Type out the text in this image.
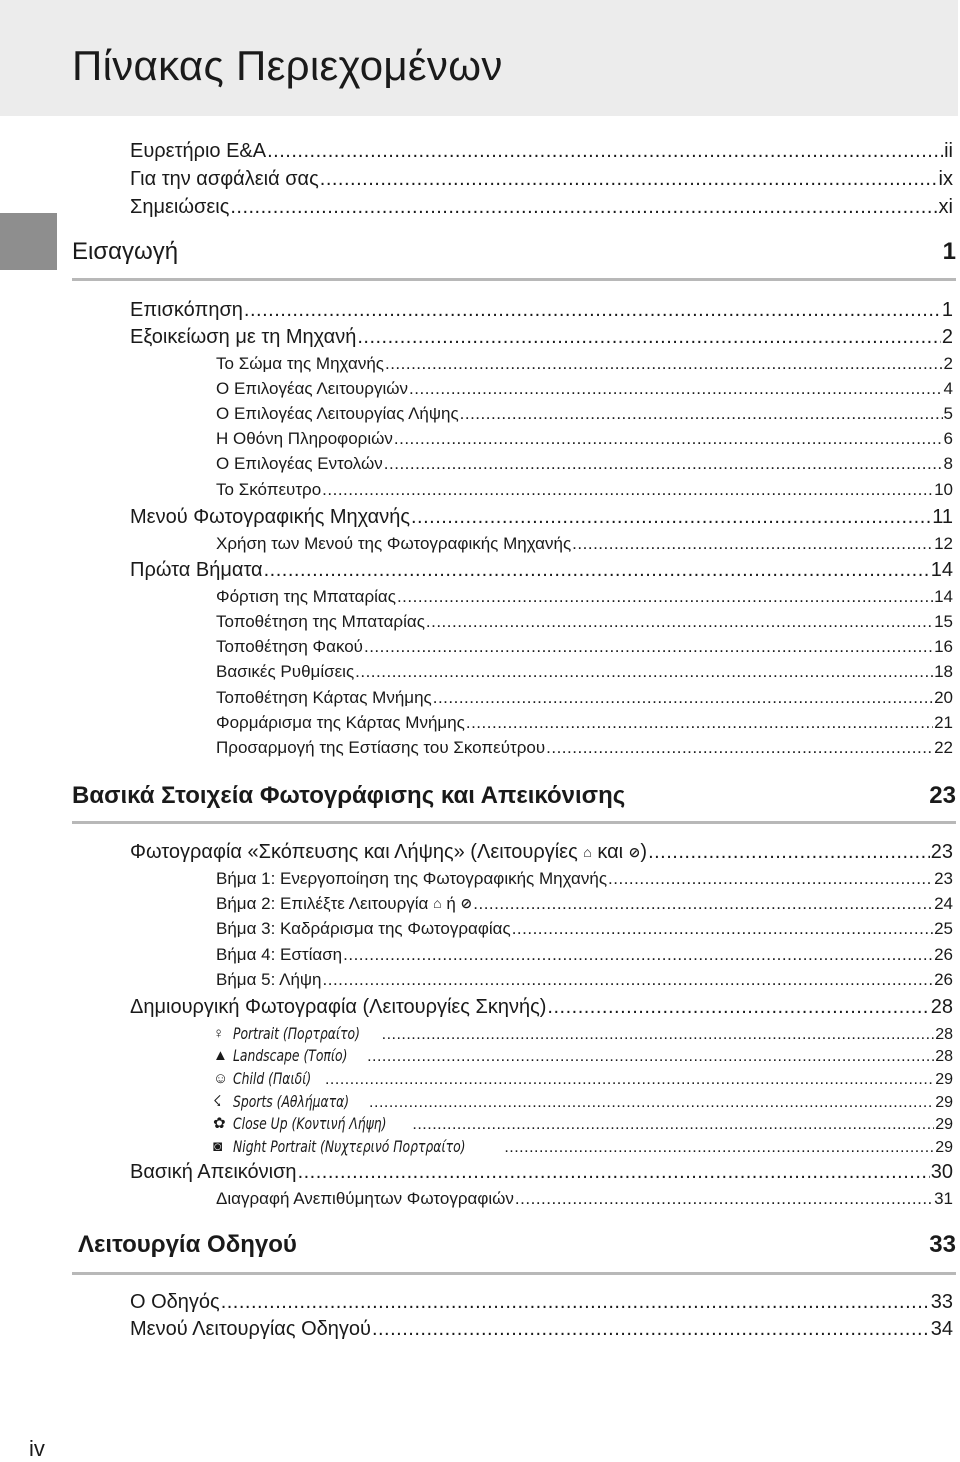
Πίνακας Περιεχομένων
Ευρετήριο Ε&Α .....	ii
Για την ασφάλειά σας .....	ix
Σημειώσεις .....	xi
Εισαγωγή	1
Επισκόπηση .....	1
Εξοικείωση με τη Μηχανή .....	2
Το Σώμα της Μηχανής .....	2
Ο Επιλογέας Λειτουργιών .....	4
Ο Επιλογέας Λειτουργίας Λήψης .....	5
Η Οθόνη Πληροφοριών .....	6
Ο Επιλογέας Εντολών .....	8
Το Σκόπευτρο .....	10
Μενού Φωτογραφικής Μηχανής .....	11
Χρήση των Μενού της Φωτογραφικής Μηχανής .....	12
Πρώτα Βήματα .....	14
Φόρτιση της Μπαταρίας .....	14
Τοποθέτηση της Μπαταρίας .....	15
Τοποθέτηση Φακού .....	16
Βασικές Ρυθμίσεις .....	18
Τοποθέτηση Κάρτας Μνήμης .....	20
Φορμάρισμα της Κάρτας Μνήμης .....	21
Προσαρμογή της Εστίασης του Σκοπεύτρου .....	22
Βασικά Στοιχεία Φωτογράφισης και Απεικόνισης	23
Φωτογραφία «Σκόπευσης και Λήψης» (Λειτουργίες ⌂ και ⊘) .....	23
Βήμα 1: Ενεργοποίηση της Φωτογραφικής Μηχανής .....	23
Βήμα 2: Επιλέξτε Λειτουργία ⌂ ή ⊘ .....	24
Βήμα 3: Καδράρισμα της Φωτογραφίας .....	25
Βήμα 4: Εστίαση .....	26
Βήμα 5: Λήψη .....	26
Δημιουργική Φωτογραφία (Λειτουργίες Σκηνής) .....	28
♀ Portrait (Πορτραίτο) .....	28
▲ Landscape (Τοπίο) .....	28
☺ Child (Παιδί) .....	29
☇ Sports (Αθλήματα) .....	29
✿ Close Up (Κοντινή Λήψη) .....	29
◙ Night Portrait (Νυχτερινό Πορτραίτο) .....	29
Βασική Απεικόνιση .....	30
Διαγραφή Ανεπιθύμητων Φωτογραφιών .....	31
Λειτουργία Οδηγού	33
Ο Οδηγός .....	33
Μενού Λειτουργίας Οδηγού .....	34
iv
